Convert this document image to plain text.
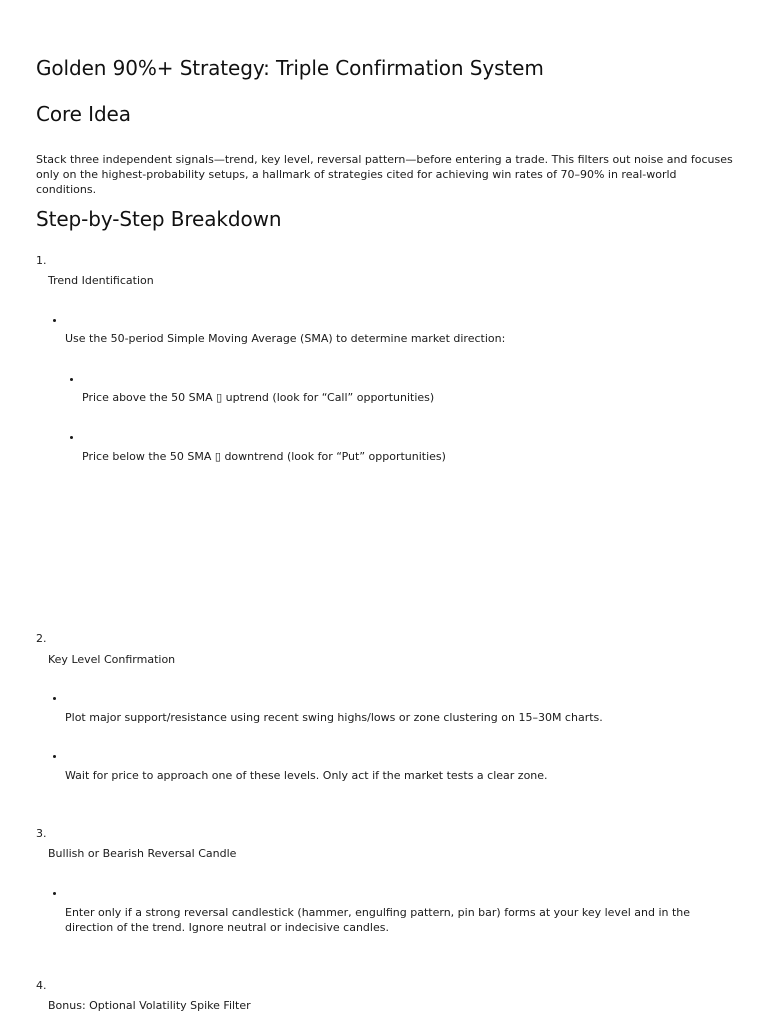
Golden 90%+ Strategy: Triple Confirmation System
Core Idea
Stack three independent signals—trend, key level, reversal pattern—before entering a trade. This filters out noise and focuses only on the highest-probability setups, a hallmark of strategies cited for achieving win rates of 70–90% in real-world conditions.
Step-by-Step Breakdown
1.
Trend Identification
Use the 50-period Simple Moving Average (SMA) to determine market direction:
Price above the 50 SMA ▯ uptrend (look for “Call” opportunities)
Price below the 50 SMA ▯ downtrend (look for “Put” opportunities)
2.
Key Level Confirmation
Plot major support/resistance using recent swing highs/lows or zone clustering on 15–30M charts.
Wait for price to approach one of these levels. Only act if the market tests a clear zone.
3.
Bullish or Bearish Reversal Candle
Enter only if a strong reversal candlestick (hammer, engulfing pattern, pin bar) forms at your key level and in the direction of the trend. Ignore neutral or indecisive candles.
4.
Bonus: Optional Volatility Spike Filter
